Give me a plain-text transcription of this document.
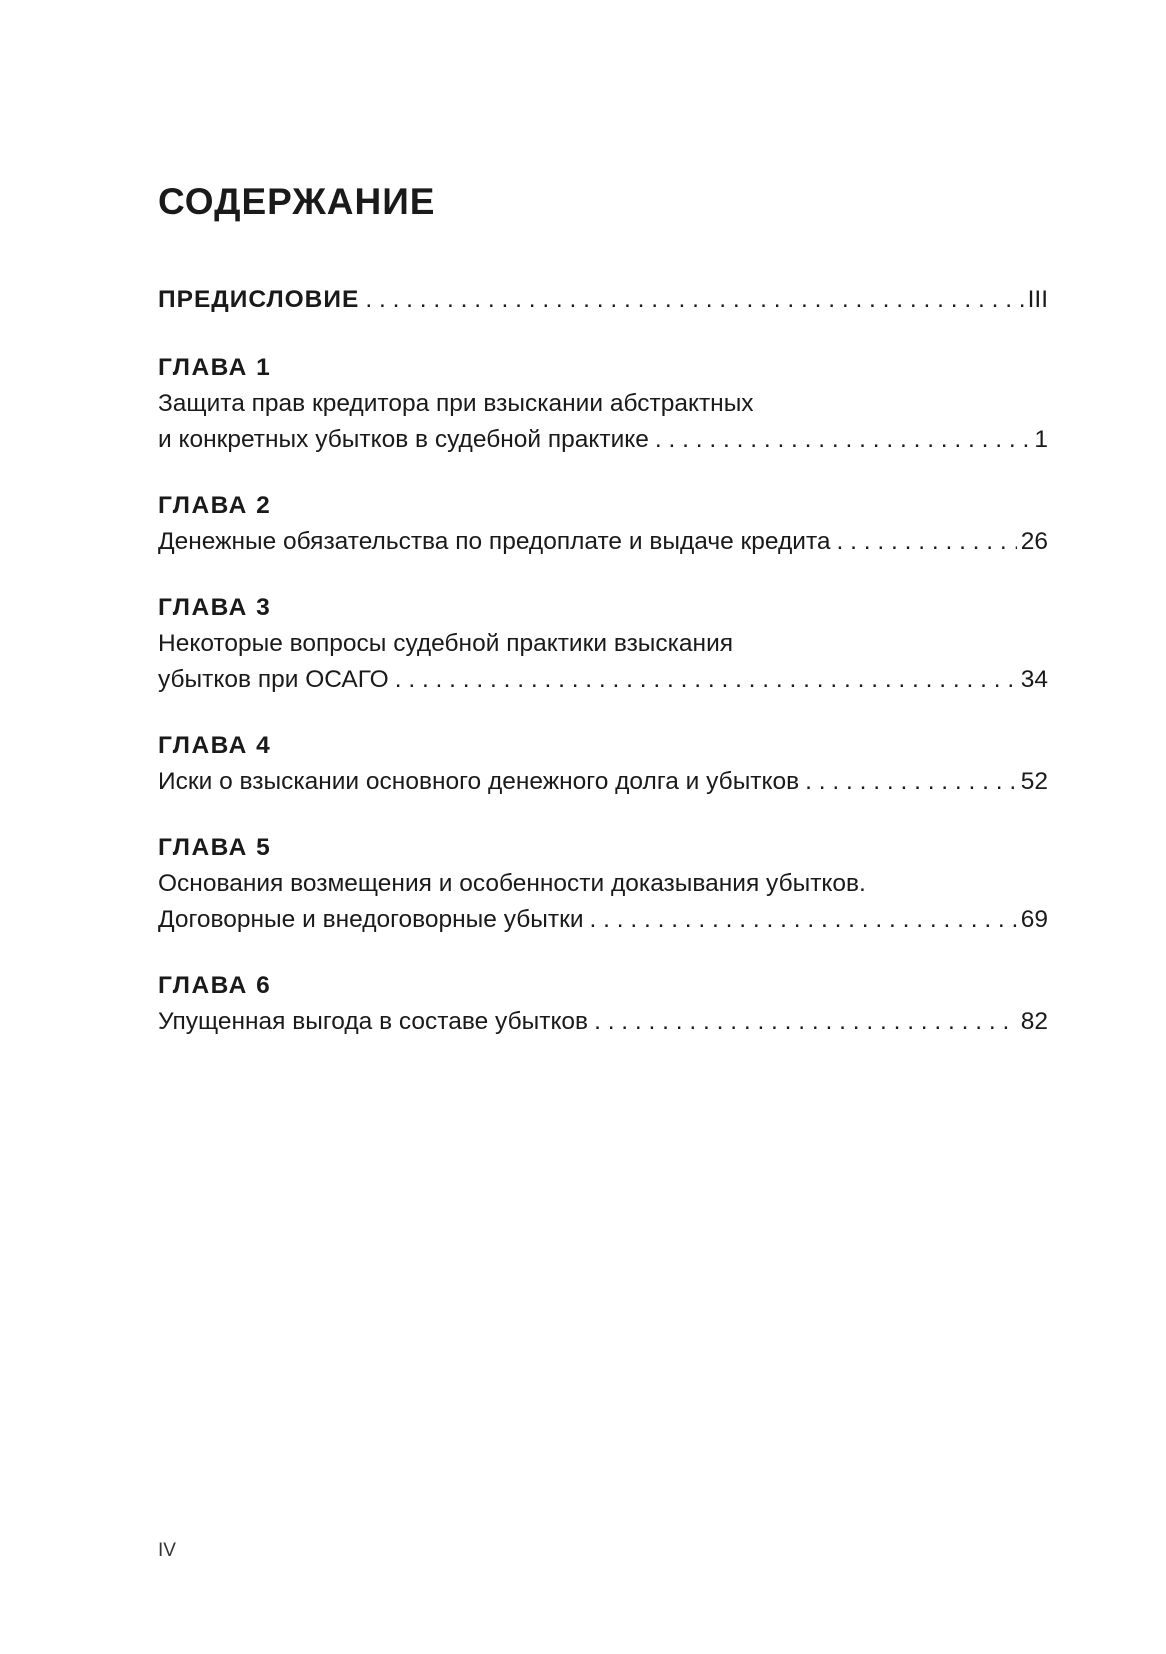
СОДЕРЖАНИЕ
ПРЕДИСЛОВИЕ . . .	III
ГЛАВА 1
Защита прав кредитора при взыскании абстрактных
и конкретных убытков в судебной практике . . .	1
ГЛАВА 2
Денежные обязательства по предоплате и выдаче кредита . . .	26
ГЛАВА 3
Некоторые вопросы судебной практики взыскания
убытков при ОСАГО . . .	34
ГЛАВА 4
Иски о взыскании основного денежного долга и убытков . . .	52
ГЛАВА 5
Основания возмещения и особенности доказывания убытков.
Договорные и внедоговорные убытки . . .	69
ГЛАВА 6
Упущенная выгода в составе убытков . . .	82
IV
